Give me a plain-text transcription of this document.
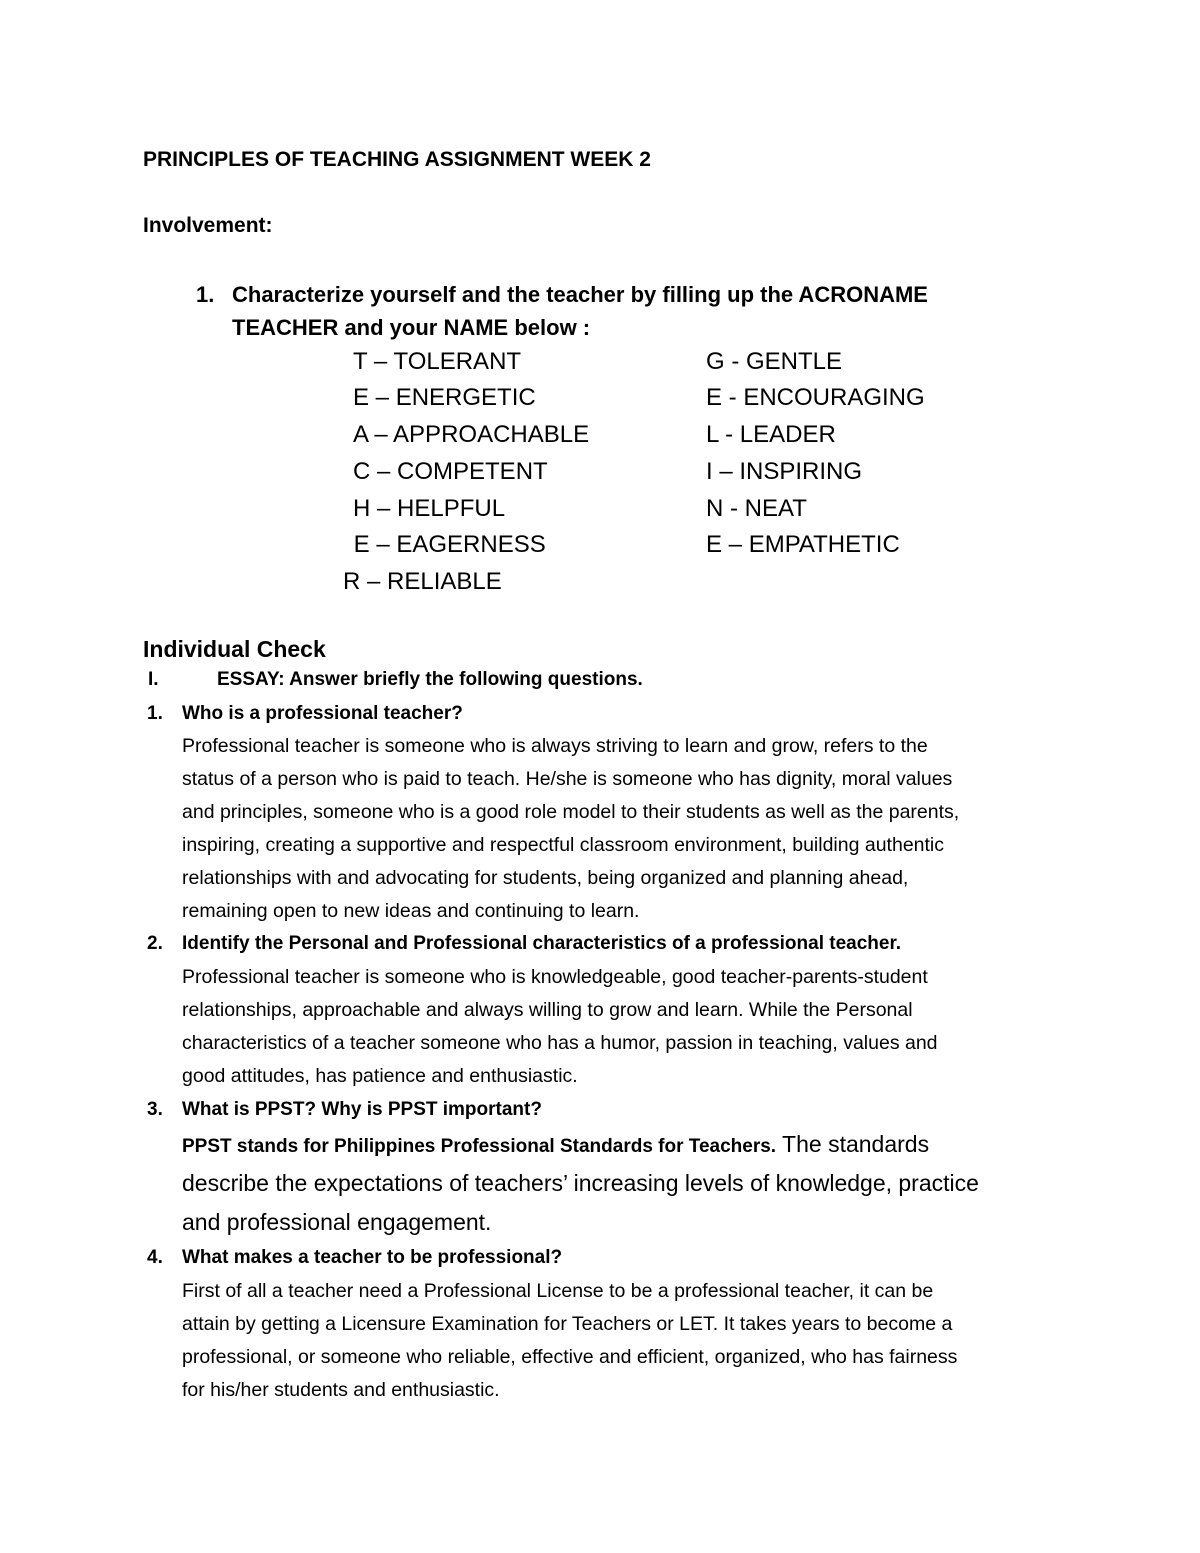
PRINCIPLES OF TEACHING ASSIGNMENT WEEK 2
Involvement:
1. Characterize yourself and the teacher by filling up the ACRONAME
TEACHER and your NAME below :
T – TOLERANT
E – ENERGETIC
A – APPROACHABLE
C – COMPETENT
H – HELPFUL
E – EAGERNESS
R – RELIABLE
G - GENTLE
E - ENCOURAGING
L - LEADER
I – INSPIRING
N - NEAT
E – EMPATHETIC
Individual Check
I.	ESSAY: Answer briefly the following questions.
1. Who is a professional teacher?
Professional teacher is someone who is always striving to learn and grow, refers to the
status of a person who is paid to teach. He/she is someone who has dignity, moral values
and principles, someone who is a good role model to their students as well as the parents,
inspiring, creating a supportive and respectful classroom environment, building authentic
relationships with and advocating for students, being organized and planning ahead,
remaining open to new ideas and continuing to learn.
2. Identify the Personal and Professional characteristics of a professional teacher.
Professional teacher is someone who is knowledgeable, good teacher-parents-student
relationships, approachable and always willing to grow and learn. While the Personal
characteristics of a teacher someone who has a humor, passion in teaching, values and
good attitudes, has patience and enthusiastic.
3. What is PPST? Why is PPST important?
PPST stands for Philippines Professional Standards for Teachers. The standards
describe the expectations of teachers’ increasing levels of knowledge, practice
and professional engagement.
4. What makes a teacher to be professional?
First of all a teacher need a Professional License to be a professional teacher, it can be
attain by getting a Licensure Examination for Teachers or LET. It takes years to become a
professional, or someone who reliable, effective and efficient, organized, who has fairness
for his/her students and enthusiastic.
